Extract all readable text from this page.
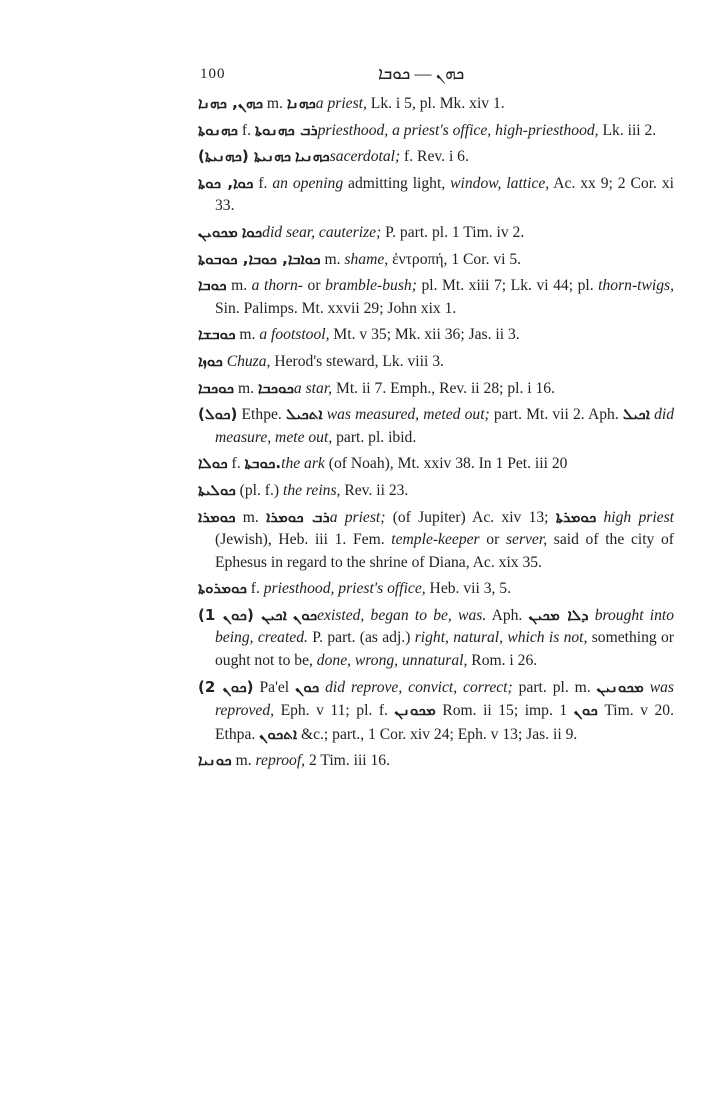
100	ܟܗܢ — ܟܘܒܐ
ܟܗܢ, ܟܗܢܐ m. ܟܗܢܐa priest, Lk. i 5, pl. Mk. xiv 1.
ܟܗܢܘܬܐ f. ܪܒ ܟܗܢܘܬܐpriesthood, a priest's office, high-priesthood, Lk. iii 2.
ܟܗܢܝܐ ܟܗܢܝܬܐ (ܟܗܢܝܬܐ) sacerdotal; f. Rev. i 6.
ܟܘܐ, ܟܘܬܐ f. an opening admitting light, window, lattice, Ac. xx 9; 2 Cor. xi 33.
ܟܘܐ ܡܟܘܝܢ did sear, cauterize; P. part. pl. 1 Tim. iv 2.
ܟܘܐܒܐ, ܟܘܒܐ, ܟܘܒܘܬܐ m. shame, ἐντροπή, 1 Cor. vi 5.
ܟܘܒܐ m. a thorn- or bramble-bush; pl. Mt. xiii 7; Lk. vi 44; pl. thorn-twigs, Sin. Palimps. Mt. xxvii 29; John xix 1.
ܟܘܒܫܐ m. a footstool, Mt. v 35; Mk. xii 36; Jas. ii 3.
ܟܘܙܐ Chuza, Herod's steward, Lk. viii 3.
ܟܘܟܒܐ m. ܟܘܟܒܐa star, Mt. ii 7. Emph., Rev. ii 28; pl. i 16.
(ܟܘܠ) Ethpe. ܐܬܟܝܠ was measured, meted out; part. Mt. vii 2. Aph. ܐܟܝܠ did measure, mete out, part. pl. ibid.
ܟܘܠܐ f. ܟܘܒܬܐ.the ark (of Noah), Mt. xxiv 38. In 1 Pet. iii 20
ܟܘܠܝܬܐ (pl. f.) the reins, Rev. ii 23.
ܟܘܡܪܐ m. ܪܒ ܟܘܡܪܐa priest; (of Jupiter) Ac. xiv 13; ܟܘܡܪܬܐ high priest (Jewish), Heb. iii 1. Fem. temple-keeper or server, said of the city of Ephesus in regard to the shrine of Diana, Ac. xix 35.
ܟܘܡܪܘܬܐ f. priesthood, priest's office, Heb. vii 3, 5.
(ܟܘܢ 1) ܟܘܢ ܐܟܝܢ existed, began to be, was. Aph. ܕܠܐ ܡܟܝܢ brought into being, created. P. part. (as adj.) right, natural, which is not, something or ought not to be, done, wrong, unnatural, Rom. i 26.
(ܟܘܢ 2) Pa'el ܟܘܢ did reprove, convict, correct; part. pl. m. ܡܟܘܢܝܢ was reproved, Eph. v 11; pl. f. ܡܟܘܢܢ Rom. ii 15; imp. ܟܘܢ 1 Tim. v 20. Ethpa. ܐܬܟܘܢ &c.; part., 1 Cor. xiv 24; Eph. v 13; Jas. ii 9.
ܟܘܢܝܐ m. reproof, 2 Tim. iii 16.
